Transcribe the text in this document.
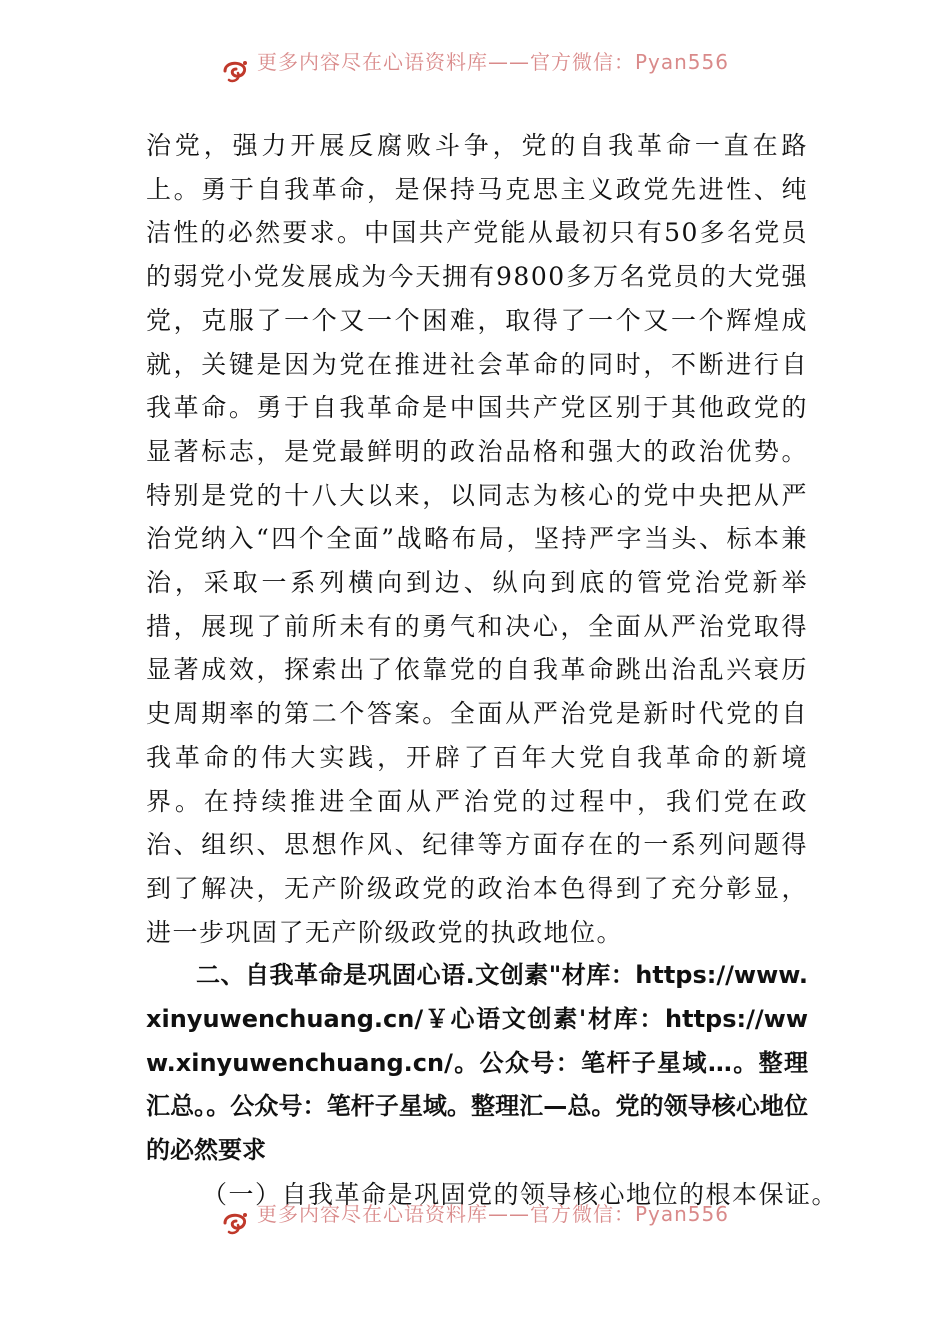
更多内容尽在心语资料库——官方微信：Pyan556

治党，强力开展反腐败斗争，党的自我革命一直在路上。勇于自我革命，是保持马克思主义政党先进性、纯洁性的必然要求。中国共产党能从最初只有50多名党员的弱党小党发展成为今天拥有9800多万名党员的大党强党，克服了一个又一个困难，取得了一个又一个辉煌成就，关键是因为党在推进社会革命的同时，不断进行自我革命。勇于自我革命是中国共产党区别于其他政党的显著标志，是党最鲜明的政治品格和强大的政治优势。特别是党的十八大以来，以同志为核心的党中央把从严治党纳入“四个全面”战略布局，坚持严字当头、标本兼治，采取一系列横向到边、纵向到底的管党治党新举措，展现了前所未有的勇气和决心，全面从严治党取得显著成效，探索出了依靠党的自我革命跳出治乱兴衰历史周期率的第二个答案。全面从严治党是新时代党的自我革命的伟大实践，开辟了百年大党自我革命的新境界。在持续推进全面从严治党的过程中，我们党在政治、组织、思想作风、纪律等方面存在的一系列问题得到了解决，无产阶级政党的政治本色得到了充分彰显，进一步巩固了无产阶级政党的执政地位。

二、自我革命是巩固心语.文创素"材库：https://www.xinyuwenchuang.cn/￥心语文创素'材库：https://www.xinyuwenchuang.cn/。公众号：笔杆子星域…。整理汇总。。公众号：笔杆子星域。整理汇—总。党的领导核心地位的必然要求

（一）自我革命是巩固党的领导核心地位的根本保证。

更多内容尽在心语资料库——官方微信：Pyan556
